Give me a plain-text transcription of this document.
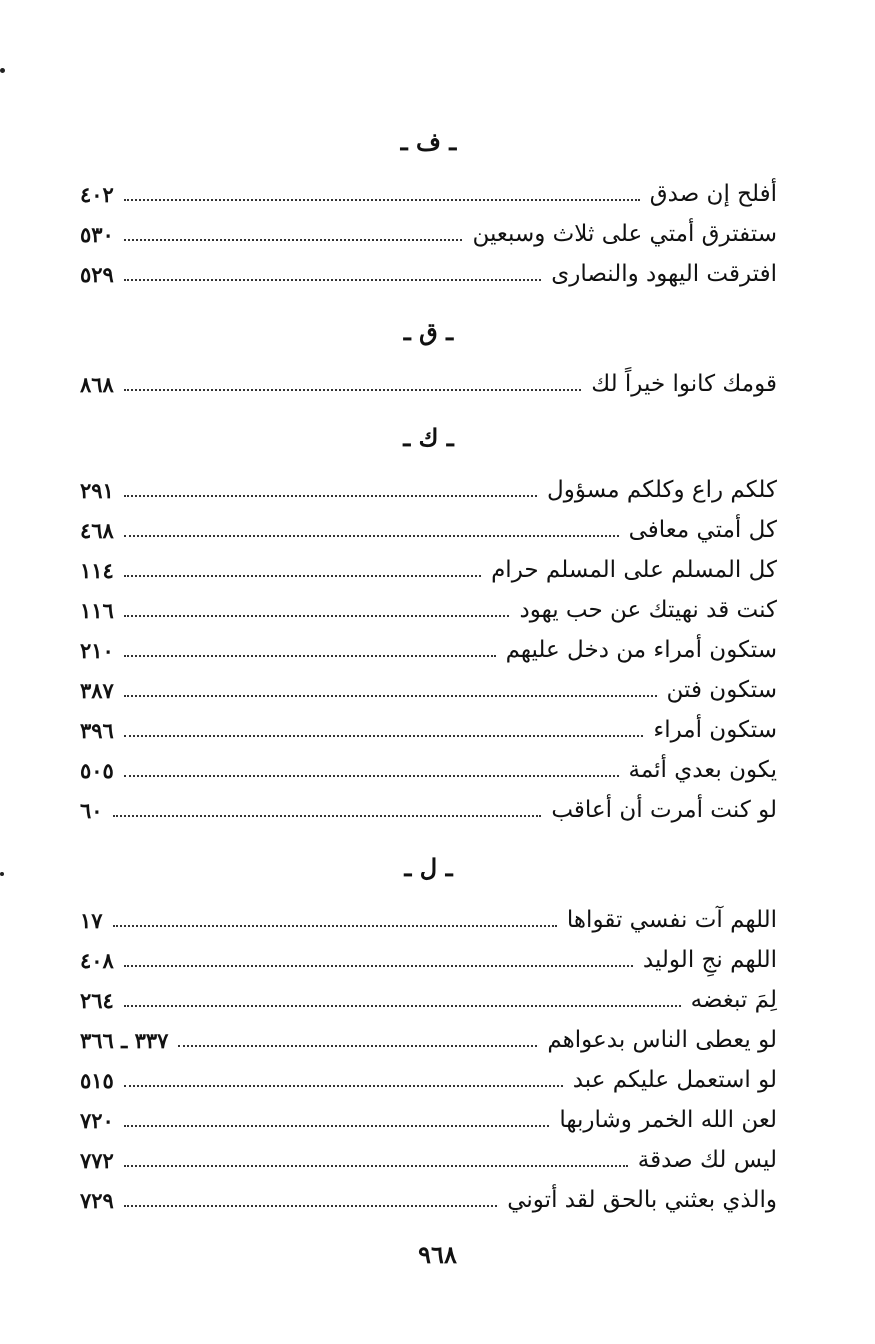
ـ ف ـ
أفلح إن صدق
٤٠٢
ستفترق أمتي على ثلاث وسبعين
٥٣٠
افترقت اليهود والنصارى
٥٢٩
ـ ق ـ
قومك كانوا خيراً لك
٨٦٨
ـ ك ـ
كلكم راع وكلكم مسؤول
٢٩١
كل أمتي معافى
٤٦٨
كل المسلم على المسلم حرام
١١٤
كنت قد نهيتك عن حب يهود
١١٦
ستكون أمراء من دخل عليهم
٢١٠
ستكون فتن
٣٨٧
ستكون أمراء
٣٩٦
يكون بعدي أئمة
٥٠٥
لو كنت أمرت أن أعاقب
٦٠
ـ ل ـ
اللهم آت نفسي تقواها
١٧
اللهم نجِ الوليد
٤٠٨
لِمَ تبغضه
٢٦٤
لو يعطى الناس بدعواهم
٣٣٧ ـ ٣٦٦
لو استعمل عليكم عبد
٥١٥
لعن الله الخمر وشاربها
٧٢٠
ليس لك صدقة
٧٧٢
والذي بعثني بالحق لقد أتوني
٧٢٩
٩٦٨
